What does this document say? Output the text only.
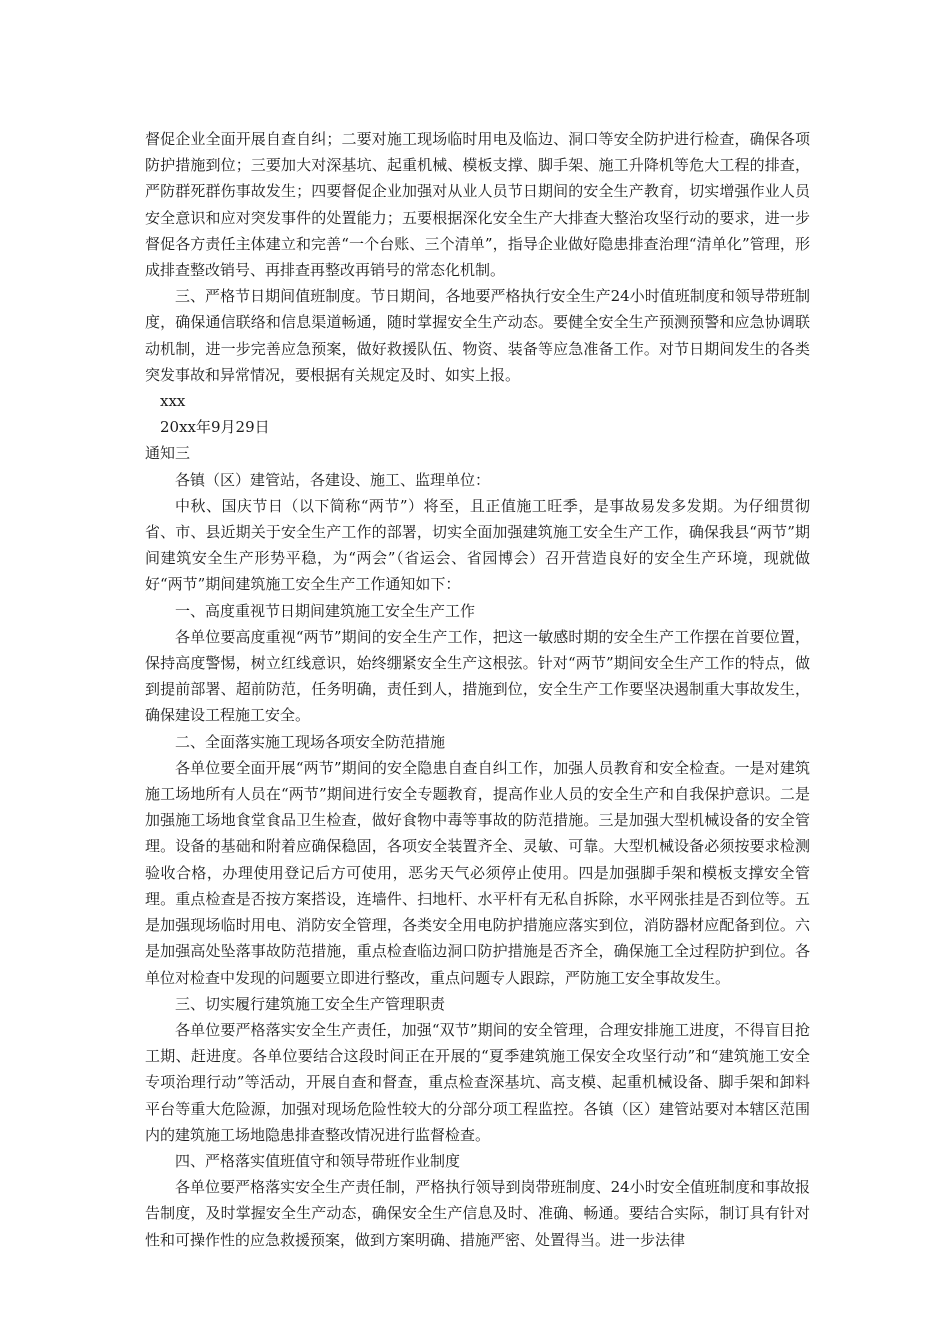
督促企业全面开展自查自纠；二要对施工现场临时用电及临边、洞口等安全防护进行检查，确保各项防护措施到位；三要加大对深基坑、起重机械、模板支撑、脚手架、施工升降机等危大工程的排查，严防群死群伤事故发生；四要督促企业加强对从业人员节日期间的安全生产教育，切实增强作业人员安全意识和应对突发事件的处置能力；五要根据深化安全生产大排查大整治攻坚行动的要求，进一步督促各方责任主体建立和完善“一个台账、三个清单”，指导企业做好隐患排查治理“清单化”管理，形成排查整改销号、再排查再整改再销号的常态化机制。

三、严格节日期间值班制度。节日期间，各地要严格执行安全生产24小时值班制度和领导带班制度，确保通信联络和信息渠道畅通，随时掌握安全生产动态。要健全安全生产预测预警和应急协调联动机制，进一步完善应急预案，做好救援队伍、物资、装备等应急准备工作。对节日期间发生的各类突发事故和异常情况，要根据有关规定及时、如实上报。

xxx

20xx年9月29日

通知三

各镇（区）建管站，各建设、施工、监理单位：

中秋、国庆节日（以下简称“两节”）将至，且正值施工旺季，是事故易发多发期。为仔细贯彻省、市、县近期关于安全生产工作的部署，切实全面加强建筑施工安全生产工作，确保我县“两节”期间建筑安全生产形势平稳，为“两会”（省运会、省园博会）召开营造良好的安全生产环境，现就做好“两节”期间建筑施工安全生产工作通知如下：

一、高度重视节日期间建筑施工安全生产工作

各单位要高度重视“两节”期间的安全生产工作，把这一敏感时期的安全生产工作摆在首要位置，保持高度警惕，树立红线意识，始终绷紧安全生产这根弦。针对“两节”期间安全生产工作的特点，做到提前部署、超前防范，任务明确，责任到人，措施到位，安全生产工作要坚决遏制重大事故发生，确保建设工程施工安全。

二、全面落实施工现场各项安全防范措施

各单位要全面开展“两节”期间的安全隐患自查自纠工作，加强人员教育和安全检查。一是对建筑施工场地所有人员在“两节”期间进行安全专题教育，提高作业人员的安全生产和自我保护意识。二是加强施工场地食堂食品卫生检查，做好食物中毒等事故的防范措施。三是加强大型机械设备的安全管理。设备的基础和附着应确保稳固，各项安全装置齐全、灵敏、可靠。大型机械设备必须按要求检测验收合格，办理使用登记后方可使用，恶劣天气必须停止使用。四是加强脚手架和模板支撑安全管理。重点检查是否按方案搭设，连墙件、扫地杆、水平杆有无私自拆除，水平网张挂是否到位等。五是加强现场临时用电、消防安全管理，各类安全用电防护措施应落实到位，消防器材应配备到位。六是加强高处坠落事故防范措施，重点检查临边洞口防护措施是否齐全，确保施工全过程防护到位。各单位对检查中发现的问题要立即进行整改，重点问题专人跟踪，严防施工安全事故发生。

三、切实履行建筑施工安全生产管理职责

各单位要严格落实安全生产责任，加强“双节”期间的安全管理，合理安排施工进度，不得盲目抢工期、赶进度。各单位要结合这段时间正在开展的“夏季建筑施工保安全攻坚行动”和“建筑施工安全专项治理行动”等活动，开展自查和督查，重点检查深基坑、高支模、起重机械设备、脚手架和卸料平台等重大危险源，加强对现场危险性较大的分部分项工程监控。各镇（区）建管站要对本辖区范围内的建筑施工场地隐患排查整改情况进行监督检查。

四、严格落实值班值守和领导带班作业制度

各单位要严格落实安全生产责任制，严格执行领导到岗带班制度、24小时安全值班制度和事故报告制度，及时掌握安全生产动态，确保安全生产信息及时、准确、畅通。要结合实际，制订具有针对性和可操作性的应急救援预案，做到方案明确、措施严密、处置得当。进一步法律
